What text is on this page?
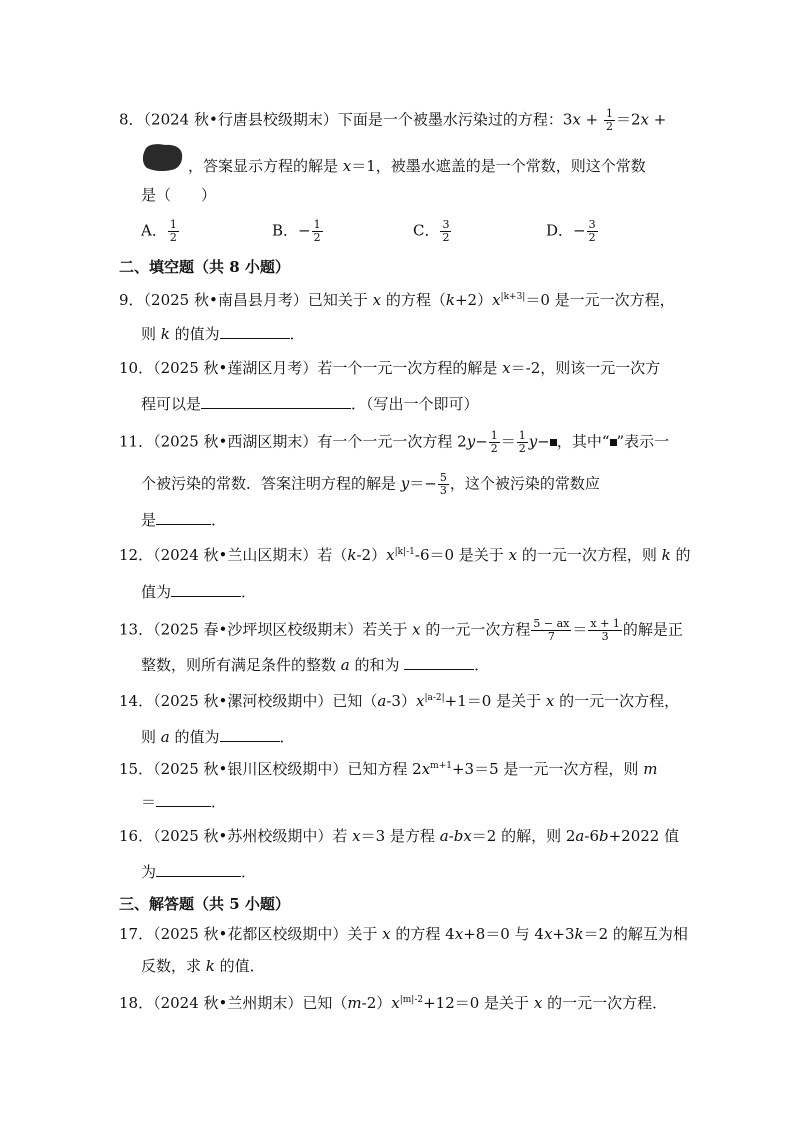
8．（2024 秋•行唐县校级期末）下面是一个被墨水污染过的方程：$3x + \frac{1}{2} =2x$ +
，答案显示方程的解是 x＝1，被墨水遮盖的是一个常数，则这个常数
是（　　）
A． $\frac{1}{2}$	B．− $\frac{1}{2}$	C． $\frac{3}{2}$	D．− $\frac{3}{2}$
二、填空题（共 8 小题）
9．（2025 秋•南昌县月考）已知关于 x 的方程$(k+2)x^{|k+3|}=0$ 是一元一次方程，
则 k 的值为	．
10．（2025 秋•莲湖区月考）若一个一元一次方程的解是 x＝-2，则该一元一次方
程可以是	．（写出一个即可）
11．（2025 秋•西湖区期末）有一个一元一次方程 $2y- \frac{1}{2} = \frac{1}{2} y-$ ，其中“ ”表示一
个被污染的常数．答案注明方程的解是 $y=- \frac{5}{3}$ ，这个被污染的常数应
是	．
12．（2024 秋•兰山区期末）若$(k-2)x^{|k|-1}-6=0$ 是关于 x 的一元一次方程，则 k 的
值为	．
13．（2025 春•沙坪坝区校级期末）若关于 x 的一元一次方程 $\frac{5 - ax}{7} = \frac{x + 1}{3}$ 的解是正
整数，则所有满足条件的整数 a 的和为	．
14．（2025 秋•漯河校级期中）已知$(a-3)x^{|a-2|}+1=0$ 是关于 x 的一元一次方程，
则 a 的值为	．
15．（2025 秋•银川区校级期中）已知方程 $2x^{m+1}+3=5$ 是一元一次方程，则 m
＝	．
16．（2025 秋•苏州校级期中）若 x＝3 是方程 a-bx＝2 的解，则 2a-6b+2022 值
为	．
三、解答题（共 5 小题）
17．（2025 秋•花都区校级期中）关于 x 的方程 4x+8＝0 与 4x+3k＝2 的解互为相
反数，求 k 的值．
18．（2024 秋•兰州期末）已知$(m-2)x^{|m|-2}+12=0$ 是关于 x 的一元一次方程．
